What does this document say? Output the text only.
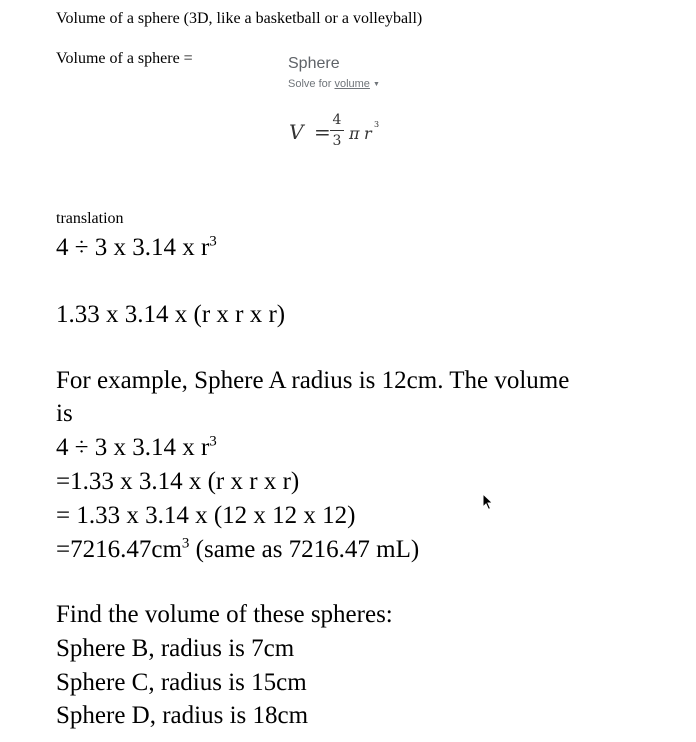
Volume of a sphere (3D, like a basketball or a volleyball)
Volume of a sphere =	Sphere
Solve for volume ▼
V = 4
3 π r 3
translation
4 ÷ 3 x 3.14 x $r^3$
1.33 x 3.14 x (r x r x r)
For example, Sphere A radius is 12cm. The volume
is
4 ÷ 3 x 3.14 x $r^3$
=1.33 x 3.14 x (r x r x r)
= 1.33 x 3.14 x (12 x 12 x 12)
$=7216.47cm^3$ (same as 7216.47 mL)
Find the volume of these spheres:
Sphere B, radius is 7cm
Sphere C, radius is 15cm
Sphere D, radius is 18cm
